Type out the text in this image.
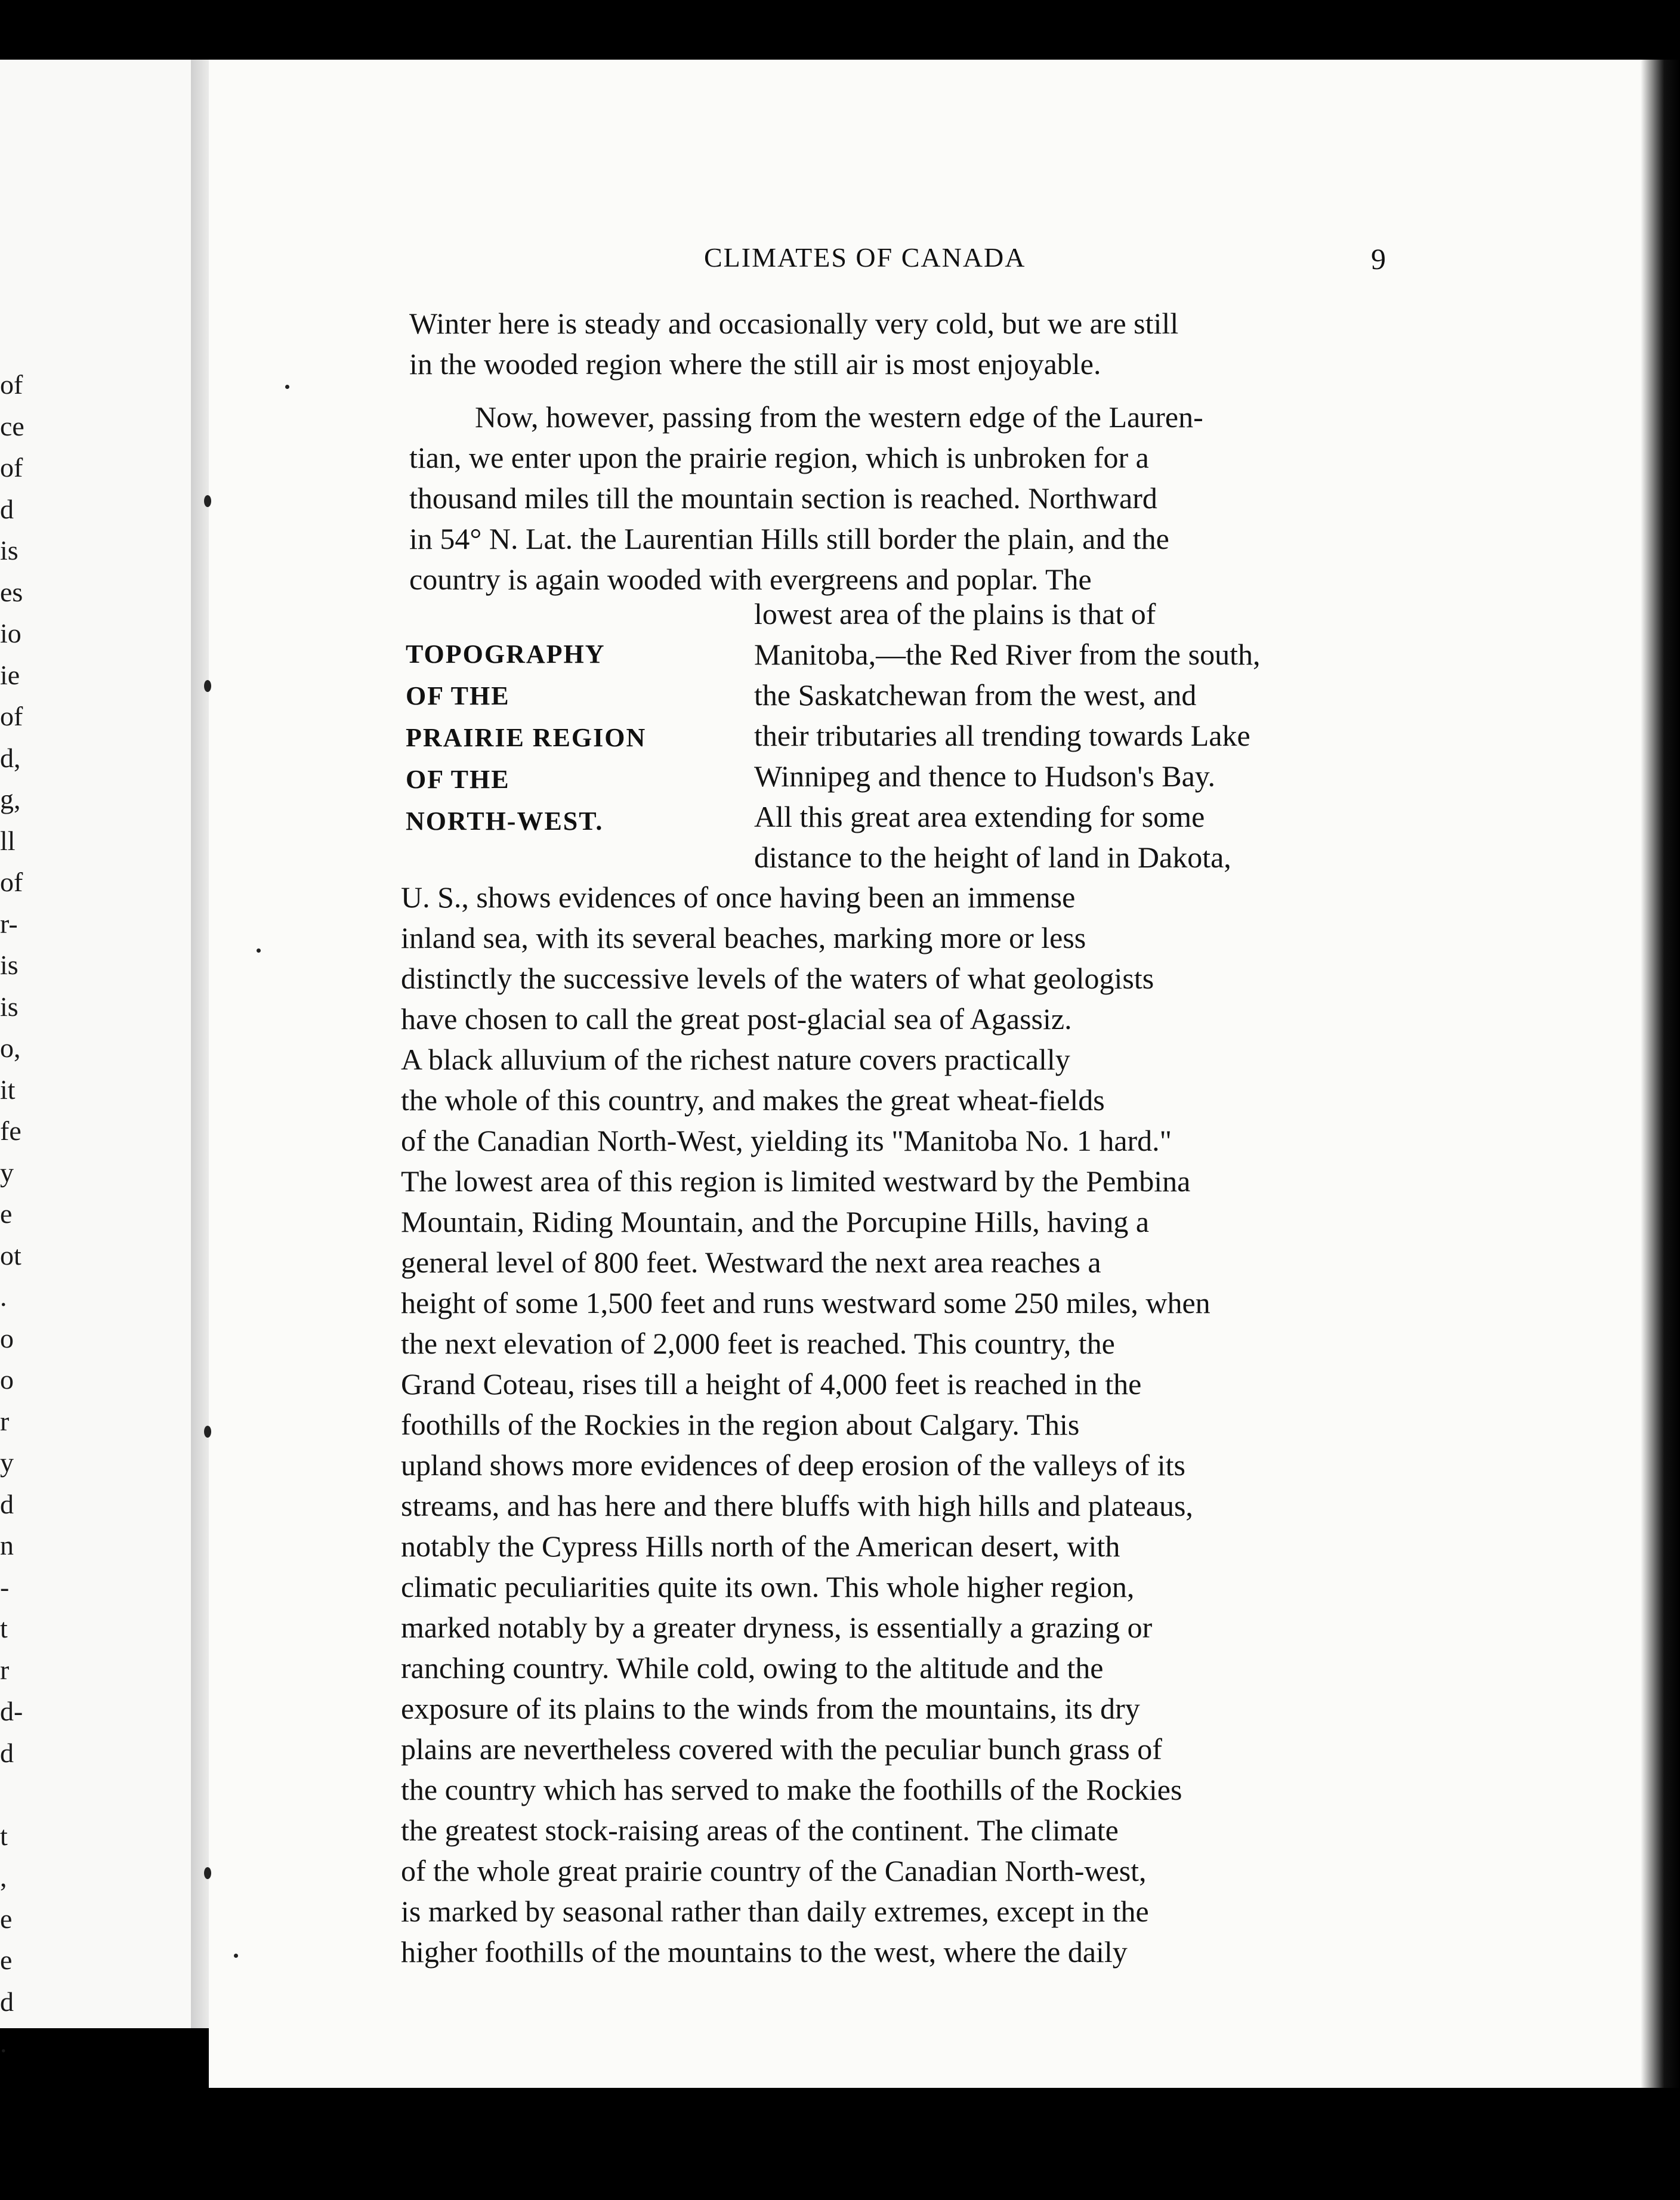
of
ce
of
d
is
es
io
ie
of
d,
g,
ll
of
r-
is
is
o,
it
fe
y
e
ot
.
o
o
r
y
d
n
-
t
r
d-
d

t
,
e
e
d
.
CLIMATES OF CANADA	9
Winter here is steady and occasionally very cold, but we are still
in the wooded region where the still air is most enjoyable.
Now, however, passing from the western edge of the Lauren-
tian, we enter upon the prairie region, which is unbroken for a
thousand miles till the mountain section is reached. Northward
in 54° N. Lat. the Laurentian Hills still border the plain, and the
country is again wooded with evergreens and poplar. The
TOPOGRAPHY
OF THE
PRAIRIE REGION
OF THE
NORTH-WEST.
lowest area of the plains is that of
Manitoba,—the Red River from the south,
the Saskatchewan from the west, and
their tributaries all trending towards Lake
Winnipeg and thence to Hudson's Bay.
All this great area extending for some
distance to the height of land in Dakota,
U. S., shows evidences of once having been an immense
inland sea, with its several beaches, marking more or less
distinctly the successive levels of the waters of what geologists
have chosen to call the great post-glacial sea of Agassiz.
A black alluvium of the richest nature covers practically
the whole of this country, and makes the great wheat-fields
of the Canadian North-West, yielding its "Manitoba No. 1 hard."
The lowest area of this region is limited westward by the Pembina
Mountain, Riding Mountain, and the Porcupine Hills, having a
general level of 800 feet. Westward the next area reaches a
height of some 1,500 feet and runs westward some 250 miles, when
the next elevation of 2,000 feet is reached. This country, the
Grand Coteau, rises till a height of 4,000 feet is reached in the
foothills of the Rockies in the region about Calgary. This
upland shows more evidences of deep erosion of the valleys of its
streams, and has here and there bluffs with high hills and plateaus,
notably the Cypress Hills north of the American desert, with
climatic peculiarities quite its own. This whole higher region,
marked notably by a greater dryness, is essentially a grazing or
ranching country. While cold, owing to the altitude and the
exposure of its plains to the winds from the mountains, its dry
plains are nevertheless covered with the peculiar bunch grass of
the country which has served to make the foothills of the Rockies
the greatest stock-raising areas of the continent. The climate
of the whole great prairie country of the Canadian North-west,
is marked by seasonal rather than daily extremes, except in the
higher foothills of the mountains to the west, where the daily
